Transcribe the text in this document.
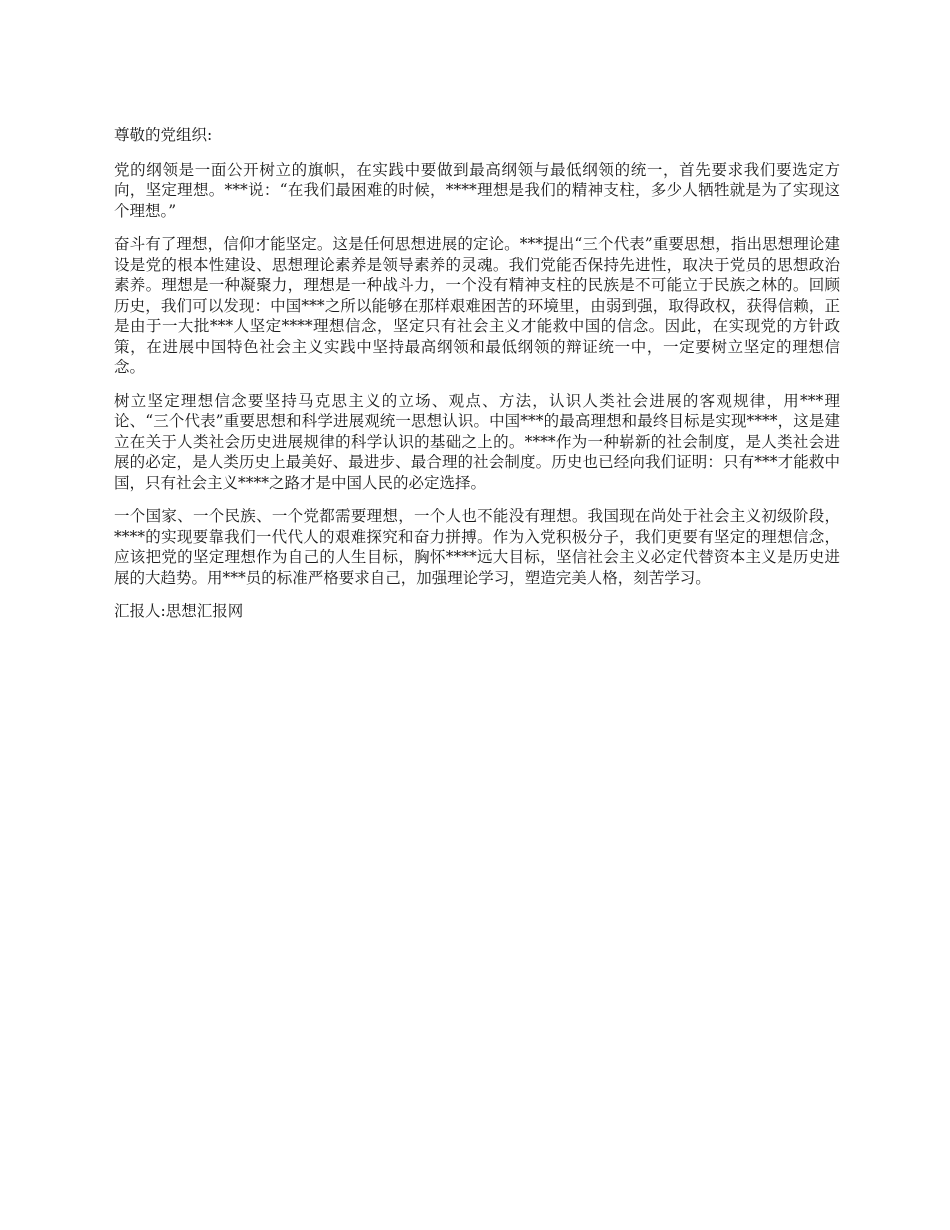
尊敬的党组织:

党的纲领是一面公开树立的旗帜，在实践中要做到最高纲领与最低纲领的统一，首先要求我们要选定方向，坚定理想。***说：“在我们最困难的时候，****理想是我们的精神支柱，多少人牺牲就是为了实现这个理想。”

奋斗有了理想，信仰才能坚定。这是任何思想进展的定论。***提出“三个代表”重要思想，指出思想理论建设是党的根本性建设、思想理论素养是领导素养的灵魂。我们党能否保持先进性，取决于党员的思想政治素养。理想是一种凝聚力，理想是一种战斗力，一个没有精神支柱的民族是不可能立于民族之林的。回顾历史，我们可以发现：中国***之所以能够在那样艰难困苦的环境里，由弱到强，取得政权，获得信赖，正是由于一大批***人坚定****理想信念，坚定只有社会主义才能救中国的信念。因此，在实现党的方针政策，在进展中国特色社会主义实践中坚持最高纲领和最低纲领的辩证统一中，一定要树立坚定的理想信念。

树立坚定理想信念要坚持马克思主义的立场、观点、方法，认识人类社会进展的客观规律，用***理论、“三个代表”重要思想和科学进展观统一思想认识。中国***的最高理想和最终目标是实现****，这是建立在关于人类社会历史进展规律的科学认识的基础之上的。****作为一种崭新的社会制度，是人类社会进展的必定，是人类历史上最美好、最进步、最合理的社会制度。历史也已经向我们证明：只有***才能救中国，只有社会主义****之路才是中国人民的必定选择。

一个国家、一个民族、一个党都需要理想，一个人也不能没有理想。我国现在尚处于社会主义初级阶段，****的实现要靠我们一代代人的艰难探究和奋力拼搏。作为入党积极分子，我们更要有坚定的理想信念，应该把党的坚定理想作为自己的人生目标，胸怀****远大目标，坚信社会主义必定代替资本主义是历史进展的大趋势。用***员的标准严格要求自己，加强理论学习，塑造完美人格，刻苦学习。

汇报人:思想汇报网
